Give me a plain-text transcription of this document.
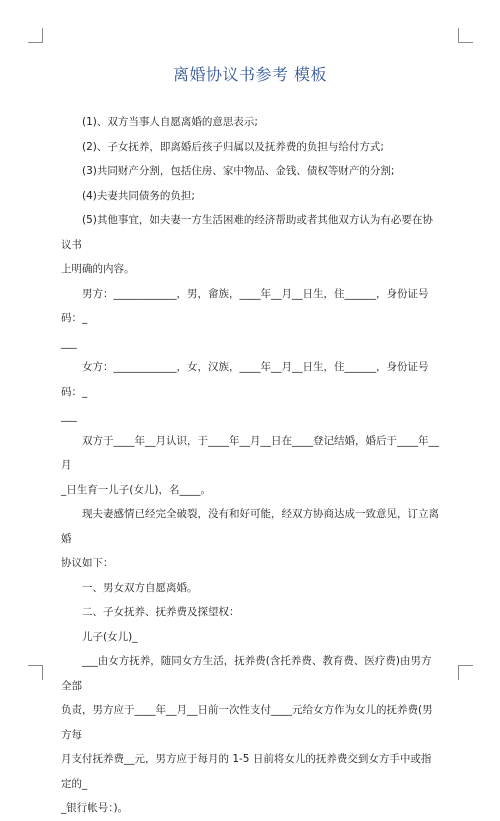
离婚协议书参考 模板

(1)、双方当事人自愿离婚的意思表示;

(2)、子女抚养，即离婚后孩子归属以及抚养费的负担与给付方式;

(3)共同财产分割，包括住房、家中物品、金钱、债权等财产的分割;

(4)夫妻共同债务的负担;

(5)其他事宜，如夫妻一方生活困难的经济帮助或者其他双方认为有必要在协议书

上明确的内容。

男方：____________，男，畲族，____年__月__日生，住______，身份证号码：_

___

女方：____________，女，汉族，____年__月__日生，住______，身份证号码：_

___

双方于____年__月认识，于____年__月__日在____登记结婚，婚后于____年__月

_日生育一儿子(女儿)，名____。

现夫妻感情已经完全破裂，没有和好可能，经双方协商达成一致意见，订立离婚

协议如下：

一、男女双方自愿离婚。

二、子女抚养、抚养费及探望权：

儿子(女儿)_

___由女方抚养，随同女方生活，抚养费(含托养费、教育费、医疗费)由男方全部

负责，男方应于____年__月__日前一次性支付____元给女方作为女儿的抚养费(男方每

月支付抚养费__元，男方应于每月的 1-5 日前将女儿的抚养费交到女方手中或指定的_

_银行帐号：)。
